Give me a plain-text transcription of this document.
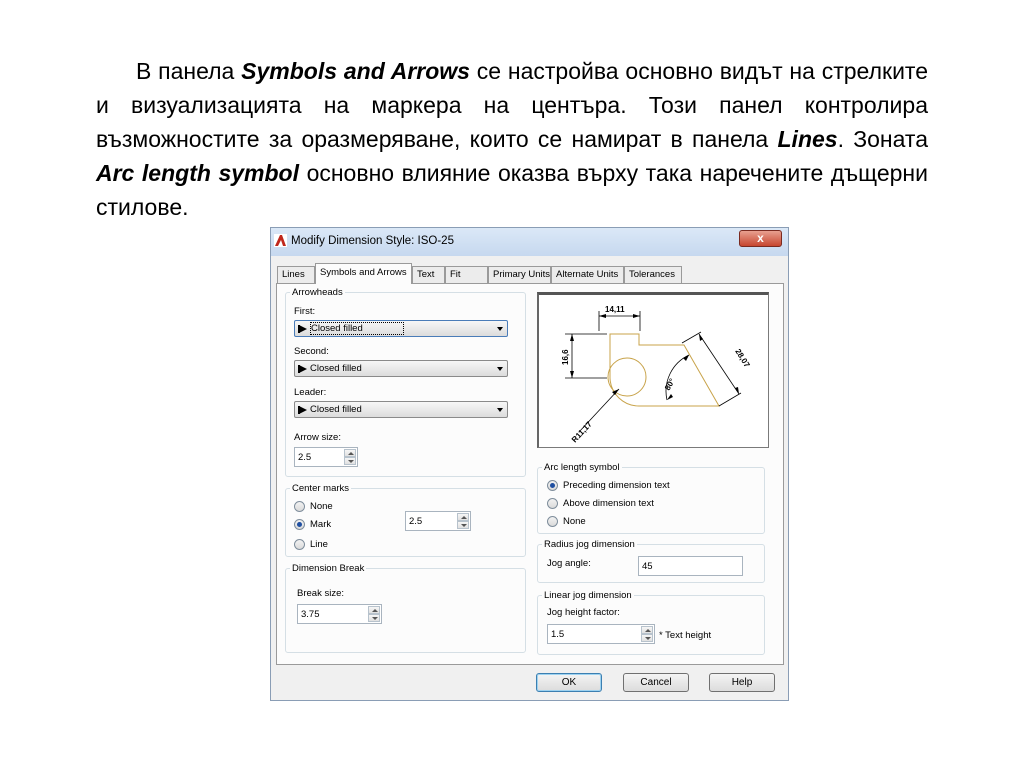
В панела Symbols and Arrows се настройва основно видът на стрелките и визуализацията на маркера на центъра. Този панел контролира възможностите за оразмеряване, които се намират в панела Lines. Зоната Arc length symbol основно влияние оказва върху така наречените дъщерни стилове.
Modify Dimension Style: ISO-25	x
Lines	Symbols and Arrows	Text	Fit	Primary Units Alternate Units	Tolerances
OK	Cancel	Help
Arrowheads
First:
Closed filled
Second:
Closed filled
Leader:
Closed filled
Arrow size:
2.5
Center marks
None
Mark
Line
2.5
Dimension Break
Break size:
3.75
14,11
16,6	28,07
80°
R11,17
Arc length symbol
Preceding dimension text
Above dimension text
None
Radius jog dimension
Jog angle:	45
Linear jog dimension
Jog height factor:
1.5	* Text height
